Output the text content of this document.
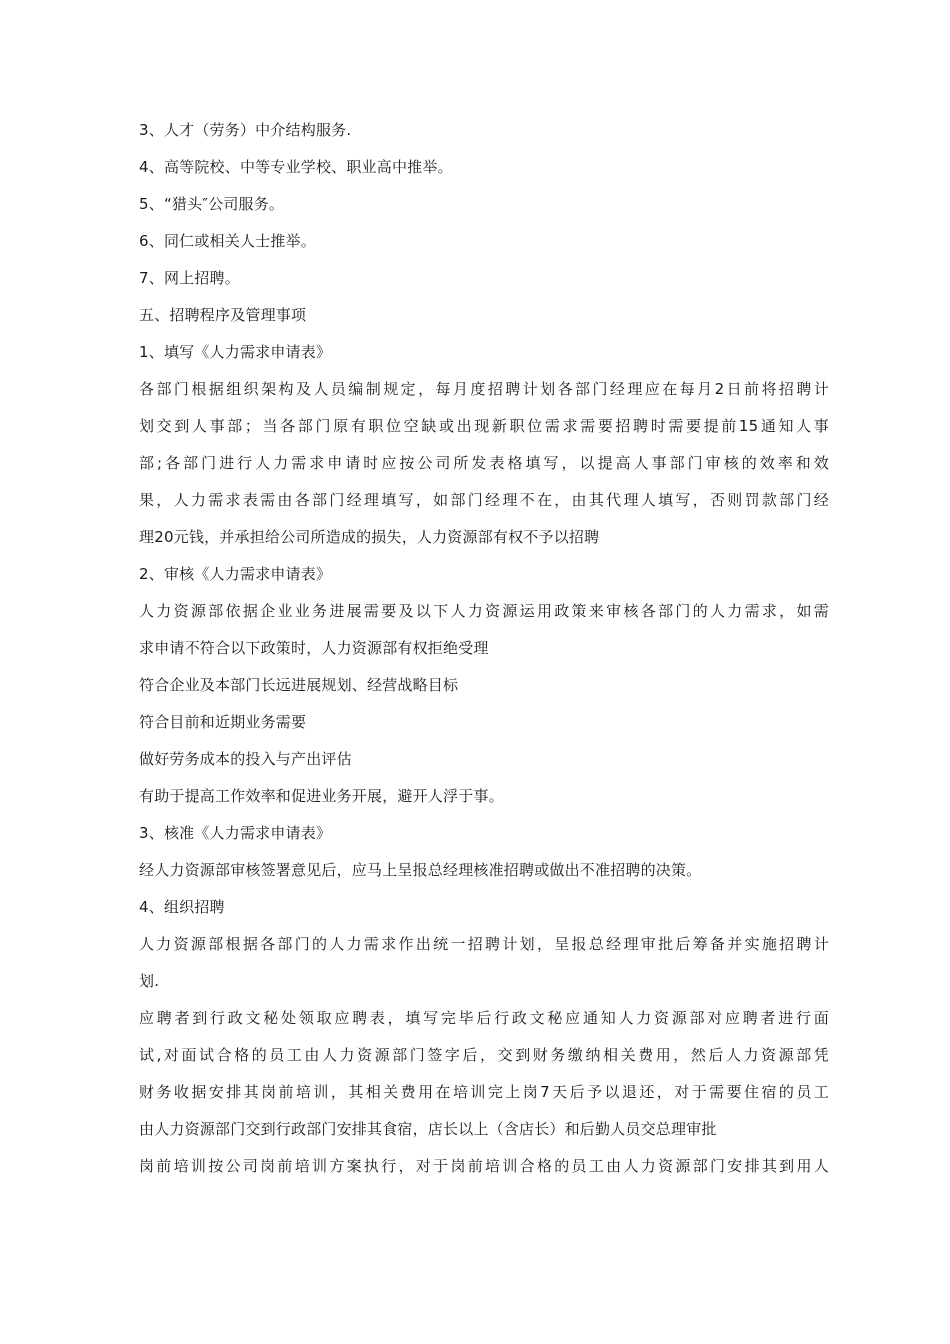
3、人才（劳务）中介结构服务.
4、高等院校、中等专业学校、职业高中推举。
5、“猎头″公司服务。
6、同仁或相关人士推举。
7、网上招聘。
五、招聘程序及管理事项
1、填写《人力需求申请表》
各部门根据组织架构及人员编制规定，每月度招聘计划各部门经理应在每月2日前将招聘计
划交到人事部；当各部门原有职位空缺或出现新职位需求需要招聘时需要提前15通知人事
部;各部门进行人力需求申请时应按公司所发表格填写，以提高人事部门审核的效率和效
果，人力需求表需由各部门经理填写，如部门经理不在，由其代理人填写，否则罚款部门经
理20元钱，并承担给公司所造成的损失，人力资源部有权不予以招聘
2、审核《人力需求申请表》
人力资源部依据企业业务进展需要及以下人力资源运用政策来审核各部门的人力需求，如需
求申请不符合以下政策时，人力资源部有权拒绝受理
符合企业及本部门长远进展规划、经营战略目标
符合目前和近期业务需要
做好劳务成本的投入与产出评估
有助于提高工作效率和促进业务开展，避开人浮于事。
3、核准《人力需求申请表》
经人力资源部审核签署意见后，应马上呈报总经理核准招聘或做出不准招聘的决策。
4、组织招聘
人力资源部根据各部门的人力需求作出统一招聘计划，呈报总经理审批后筹备并实施招聘计
划.
应聘者到行政文秘处领取应聘表，填写完毕后行政文秘应通知人力资源部对应聘者进行面
试,对面试合格的员工由人力资源部门签字后，交到财务缴纳相关费用，然后人力资源部凭
财务收据安排其岗前培训，其相关费用在培训完上岗7天后予以退还，对于需要住宿的员工
由人力资源部门交到行政部门安排其食宿，店长以上（含店长）和后勤人员交总理审批
岗前培训按公司岗前培训方案执行，对于岗前培训合格的员工由人力资源部门安排其到用人
